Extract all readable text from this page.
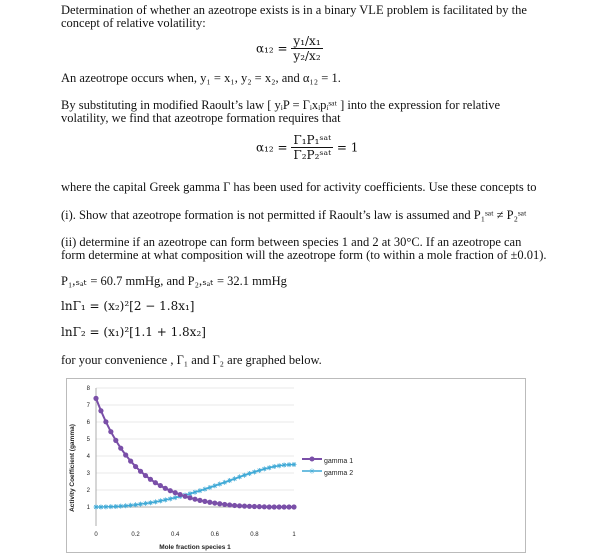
Determination of whether an azeotrope exists is in a binary VLE problem is facilitated by the
concept of relative volatility:
$\alpha_{12} = \frac{\text{y₁/x₁}}{\text{y₂/x₂}}$
An azeotrope occurs when, y₁ = x₁, y₂ = x₂, and α₁₂ = 1.
By substituting in modified Raoult’s law [ yᵢP = Γᵢxᵢpᵢˢᵃᵗ ] into the expression for relative
volatility, we find that azeotrope formation requires that
$\alpha_{12} = \frac{\text{Γ₁P₁ˢᵃᵗ}}{\text{Γ₂P₂ˢᵃᵗ}} = 1$
where the capital Greek gamma Γ has been used for activity coefficients. Use these concepts to
(i). Show that azeotrope formation is not permitted if Raoult’s law is assumed and P₁ˢᵃᵗ ≠ P₂ˢᵃᵗ
(ii) determine if an azeotrope can form between species 1 and 2 at 30°C. If an azeotrope can
form determine at what composition will the azeotrope form (to within a mole fraction of ±0.01).
P₁,ₛₐₜ = 60.7 mmHg, and P₂,ₛₐₜ = 32.1 mmHg
lnΓ₁ = (x₂)²[2 − 1.8x₁]
lnΓ₂ = (x₁)²[1.1 + 1.8x₂]
for your convenience , Γ₁ and Γ₂ are graphed below.
Activity Coefficient (gamma)
Mole fraction species 1
1
2
3
4
5
6
7
8
0	0.2	0.4	0.6	0.8	1
gamma 1
✳ gamma 2
